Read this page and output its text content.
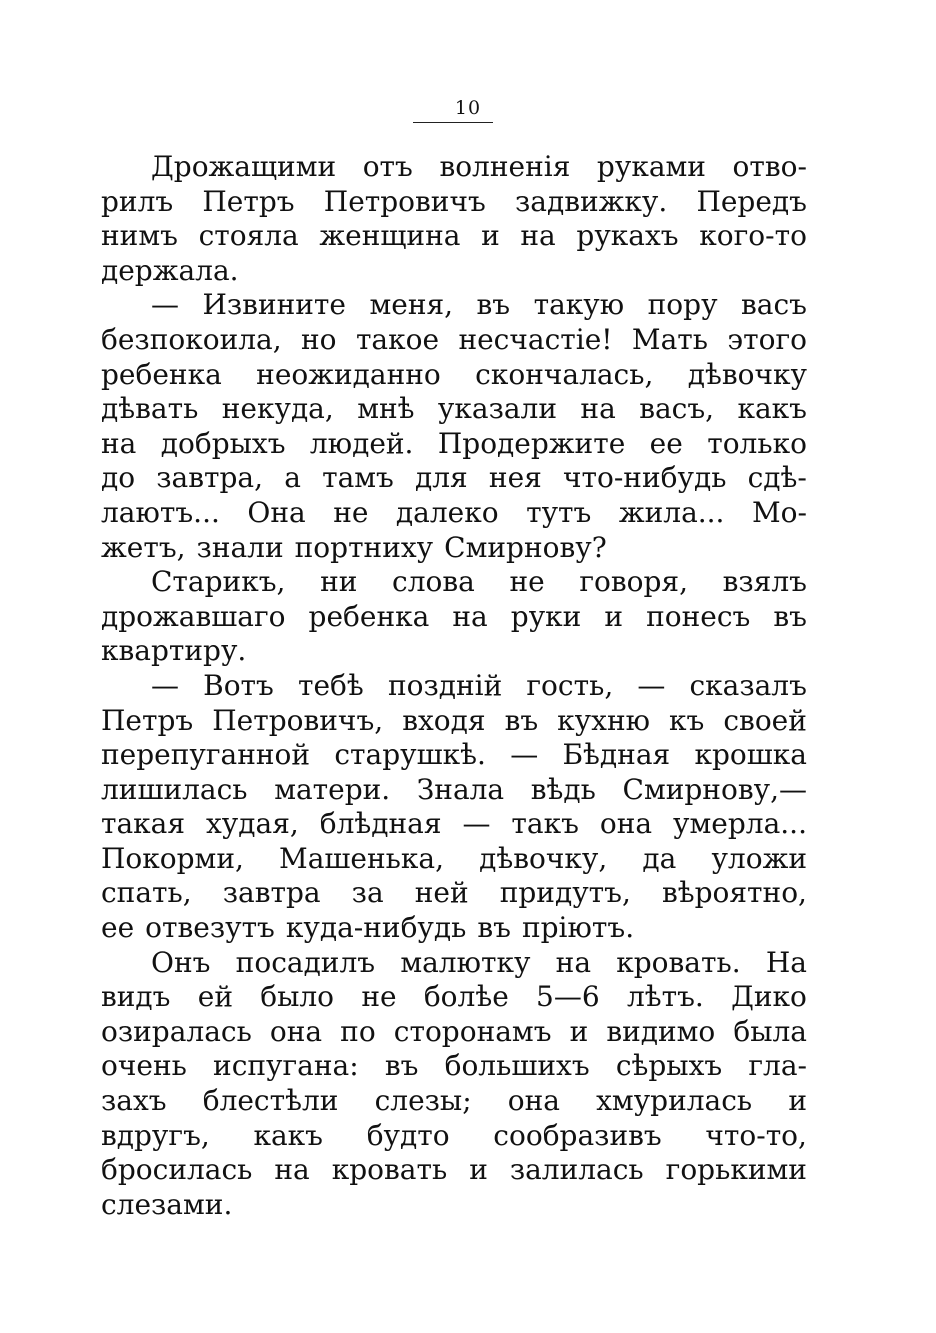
10
Дрожащими отъ волненія руками отво-
рилъ Петръ Петровичъ задвижку. Передъ
нимъ стояла женщина и на рукахъ кого-то
держала.
— Извините меня, въ такую пору васъ
безпокоила, но такое несчастіе! Мать этого
ребенка неожиданно скончалась, дѣвочку
дѣвать некуда, мнѣ указали на васъ, какъ
на добрыхъ людей. Продержите ее только
до завтра, а тамъ для нея что-нибудь сдѣ-
лаютъ... Она не далеко тутъ жила... Мо-
жетъ, знали портниху Смирнову?
Старикъ, ни слова не говоря, взялъ
дрожавшаго ребенка на руки и понесъ въ
квартиру.
— Вотъ тебѣ поздній гость, — сказалъ
Петръ Петровичъ, входя въ кухню къ своей
перепуганной старушкѣ. — Бѣдная крошка
лишилась матери. Знала вѣдь Смирнову,—
такая худая, блѣдная — такъ она умерла...
Покорми, Машенька, дѣвочку, да уложи
спать, завтра за ней придутъ, вѣроятно,
ее отвезутъ куда-нибудь въ пріютъ.
Онъ посадилъ малютку на кровать. На
видъ ей было не болѣе 5—6 лѣтъ. Дико
озиралась она по сторонамъ и видимо была
очень испугана: въ большихъ сѣрыхъ гла-
захъ блестѣли слезы; она хмурилась и
вдругъ, какъ будто сообразивъ что-то,
бросилась на кровать и залилась горькими
слезами.
